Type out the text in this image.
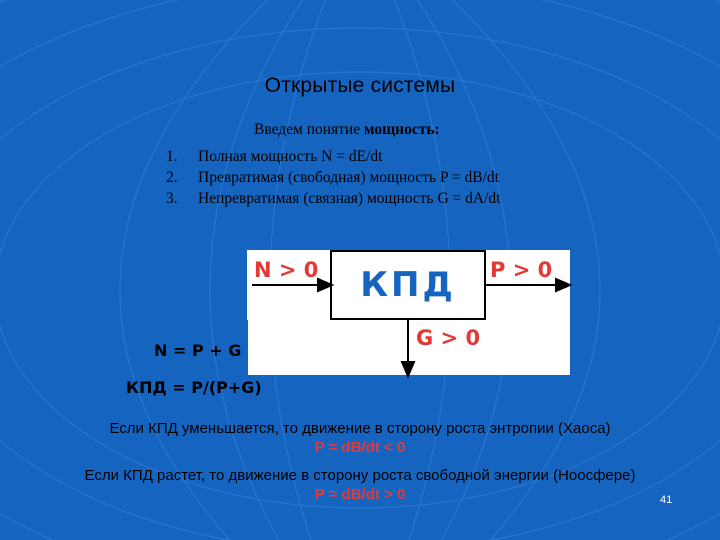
Открытые системы
Введем понятие мощность:
1.	Полная мощность N = dE/dt
2.	Превратимая (свободная) мощность P = dB/dt
3.	Непревратимая (связная) мощность G = dA/dt
КПД
N > 0	P > 0
G > 0
N = P + G
КПД = P/(P+G)
Если КПД уменьшается, то движение в сторону роста энтропии (Хаоса)
P = dB/dt < 0
Если КПД растет, то движение в сторону роста свободной энергии (Ноосфере)
P = dB/dt > 0	41
